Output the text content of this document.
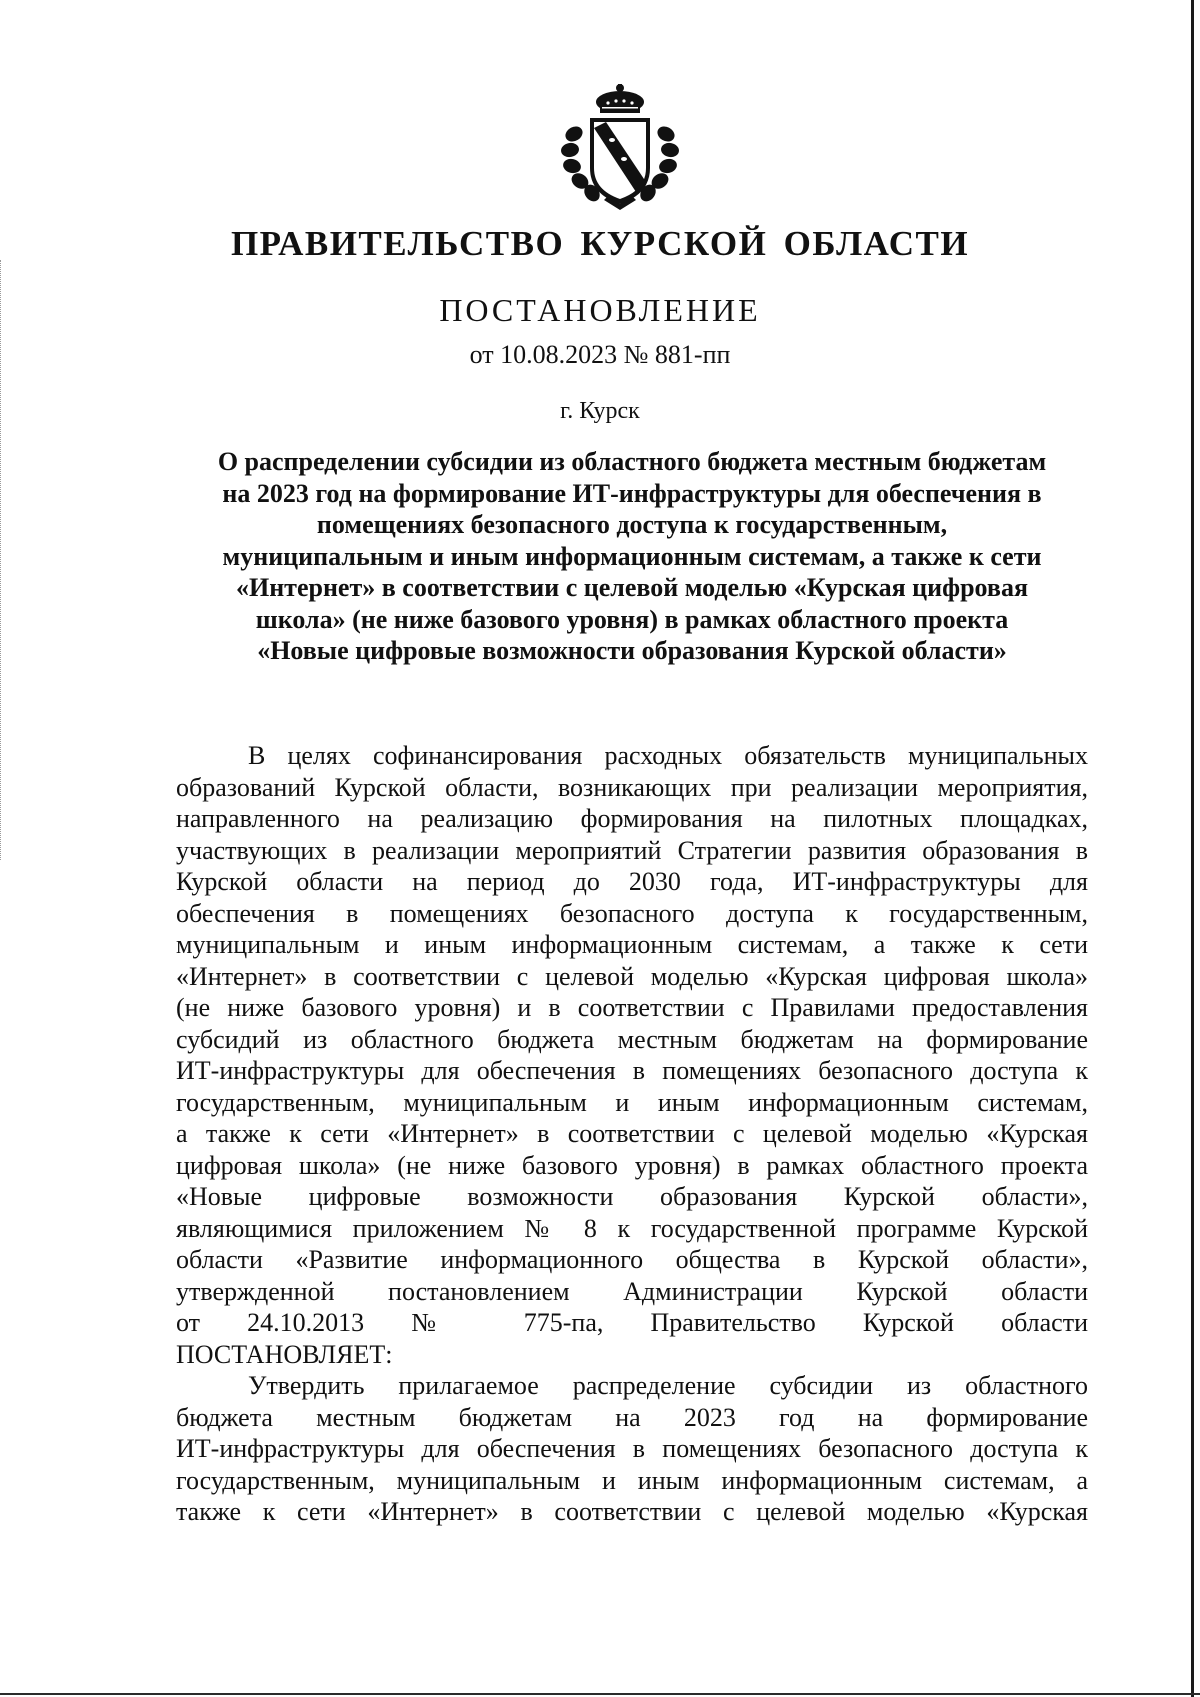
ПРАВИТЕЛЬСТВО КУРСКОЙ ОБЛАСТИ
ПОСТАНОВЛЕНИЕ
от 10.08.2023 № 881-пп
г. Курск
О распределении субсидии из областного бюджета местным бюджетам
на 2023 год на формирование ИТ-инфраструктуры для обеспечения в
помещениях безопасного доступа к государственным,
муниципальным и иным информационным системам, а также к сети
«Интернет» в соответствии с целевой моделью «Курская цифровая
школа» (не ниже базового уровня) в рамках областного проекта
«Новые цифровые возможности образования Курской области»
В целях софинансирования расходных обязательств муниципальных
образований Курской области, возникающих при реализации мероприятия,
направленного на реализацию формирования на пилотных площадках,
участвующих в реализации мероприятий Стратегии развития образования в
Курской области на период до 2030 года, ИТ-инфраструктуры для
обеспечения в помещениях безопасного доступа к государственным,
муниципальным и иным информационным системам, а также к сети
«Интернет» в соответствии с целевой моделью «Курская цифровая школа»
(не ниже базового уровня) и в соответствии с Правилами предоставления
субсидий из областного бюджета местным бюджетам на формирование
ИТ-инфраструктуры для обеспечения в помещениях безопасного доступа к
государственным, муниципальным и иным информационным системам,
а также к сети «Интернет» в соответствии с целевой моделью «Курская
цифровая школа» (не ниже базового уровня) в рамках областного проекта
«Новые цифровые возможности образования Курской области»,
являющимися приложением № 8 к государственной программе Курской
области «Развитие информационного общества в Курской области»,
утвержденной постановлением Администрации Курской области
от 24.10.2013 № 775-па, Правительство Курской области
ПОСТАНОВЛЯЕТ:
Утвердить прилагаемое распределение субсидии из областного
бюджета местным бюджетам на 2023 год на формирование
ИТ-инфраструктуры для обеспечения в помещениях безопасного доступа к
государственным, муниципальным и иным информационным системам, а
также к сети «Интернет» в соответствии с целевой моделью «Курская
